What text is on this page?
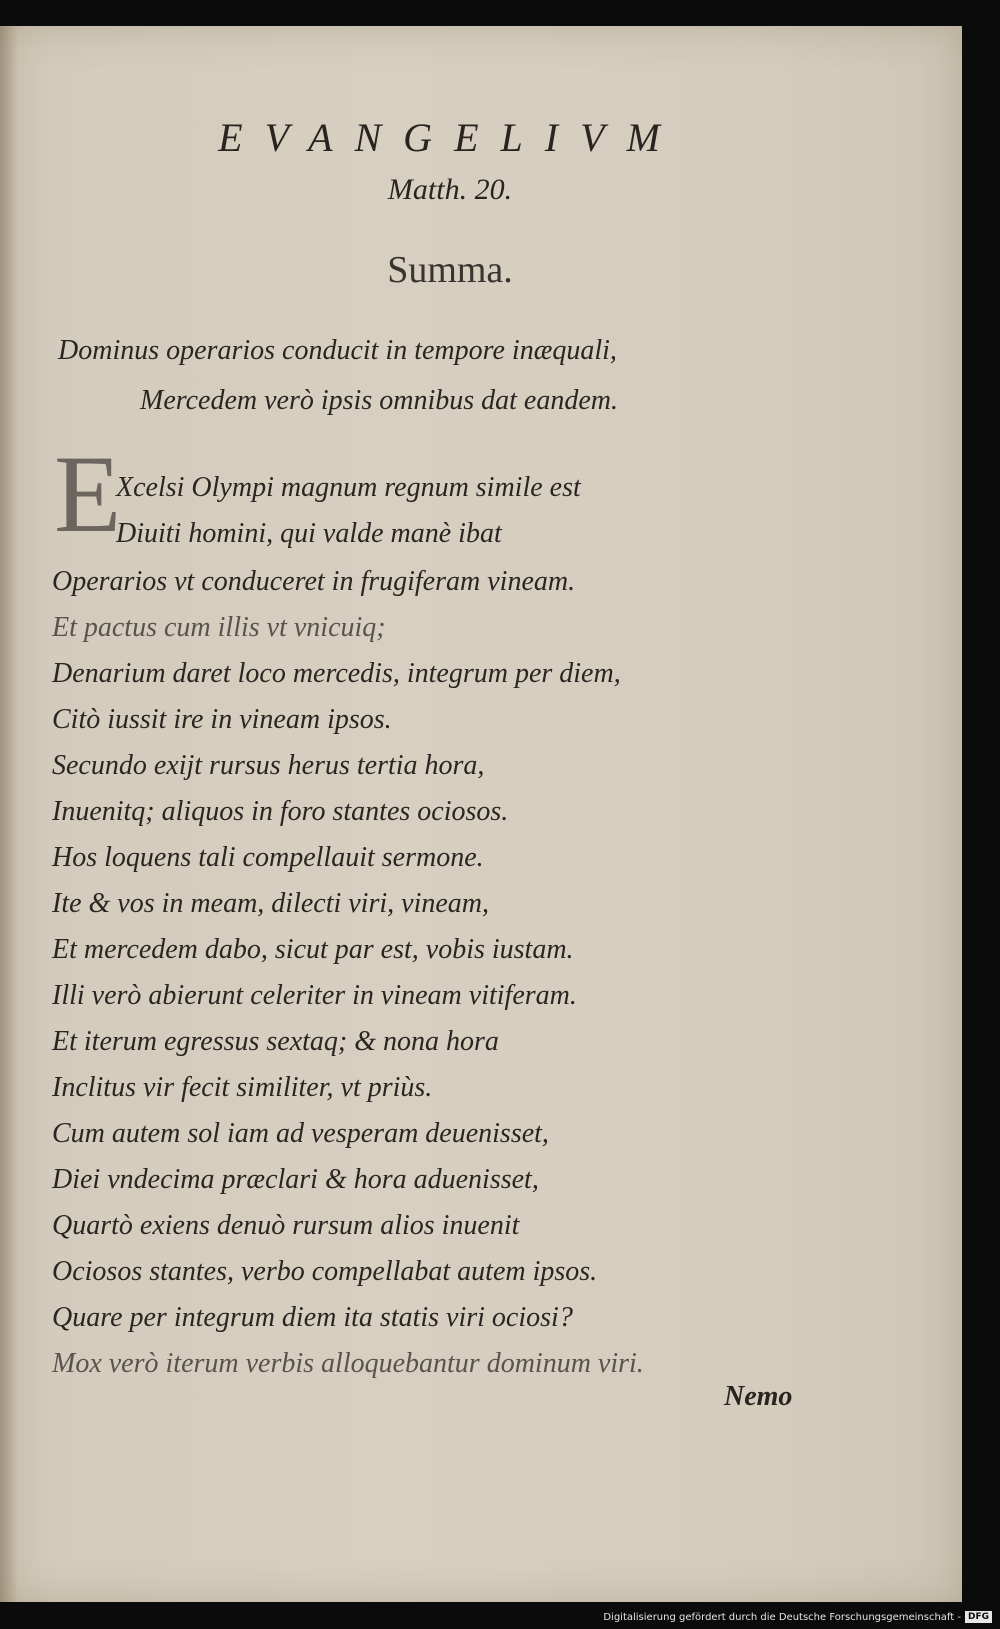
EVANGELIVM
Matth. 20.
Summa.
Dominus operarios conducit in tempore inæquali,
Mercedem verò ipsis omnibus dat eandem.
E
Xcelsi Olympi magnum regnum simile est
Diuiti homini, qui valde manè ibat
Operarios vt conduceret in frugiferam vineam.
Et pactus cum illis vt vnicuiq;
Denarium daret loco mercedis, integrum per diem,
Citò iussit ire in vineam ipsos.
Secundo exijt rursus herus tertia hora,
Inuenitq; aliquos in foro stantes ociosos.
Hos loquens tali compellauit sermone.
Ite & vos in meam, dilecti viri, vineam,
Et mercedem dabo, sicut par est, vobis iustam.
Illi verò abierunt celeriter in vineam vitiferam.
Et iterum egressus sextaq; & nona hora
Inclitus vir fecit similiter, vt priùs.
Cum autem sol iam ad vesperam deuenisset,
Diei vndecima præclari & hora aduenisset,
Quartò exiens denuò rursum alios inuenit
Ociosos stantes, verbo compellabat autem ipsos.
Quare per integrum diem ita statis viri ociosi?
Mox verò iterum verbis alloquebantur dominum viri.
Nemo
Digitalisierung gefördert durch die Deutsche Forschungsgemeinschaft - DFG
